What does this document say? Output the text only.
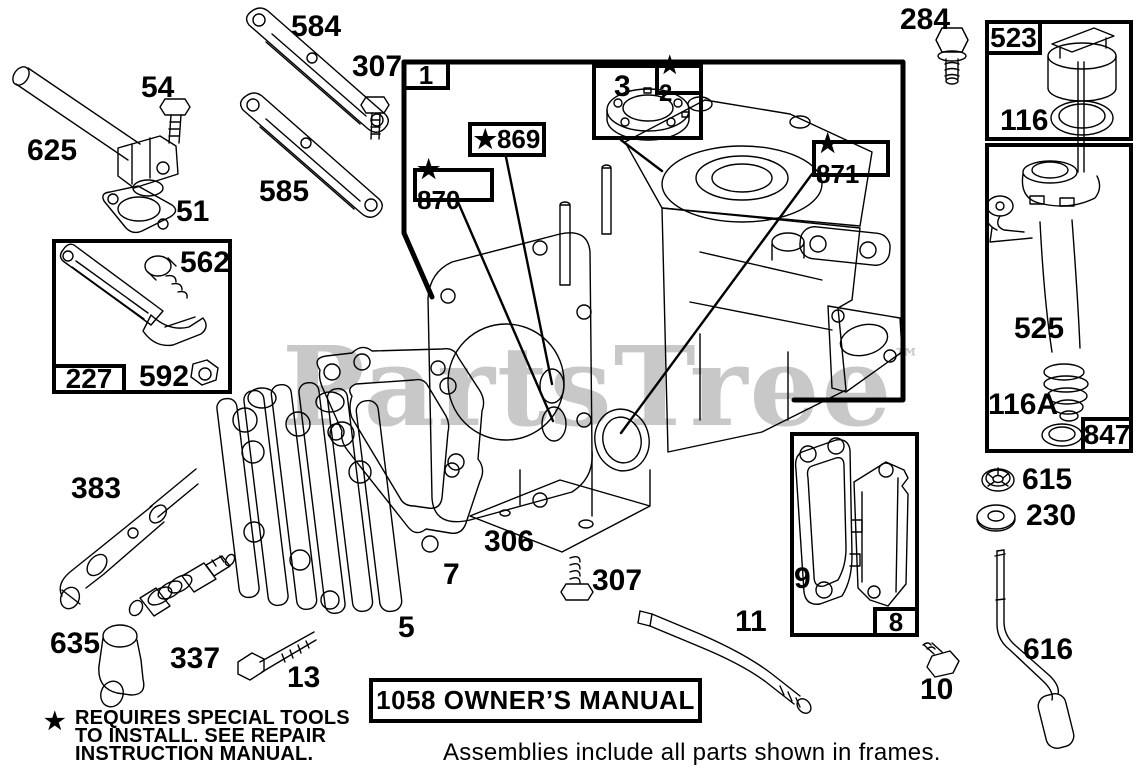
PartsTree™
227
523
847
8
1	3
★ 2
★869
★ 870
★ 871
584
307
54
625
51
585
284
116
562
592
525
116A
615
230
383
635 337
13
5
7
306
307
11
9
10
616
1058 OWNER’S MANUAL
★ REQUIRES SPECIAL TOOLS
TO INSTALL. SEE REPAIR
INSTRUCTION MANUAL.	Assemblies include all parts shown in frames.
